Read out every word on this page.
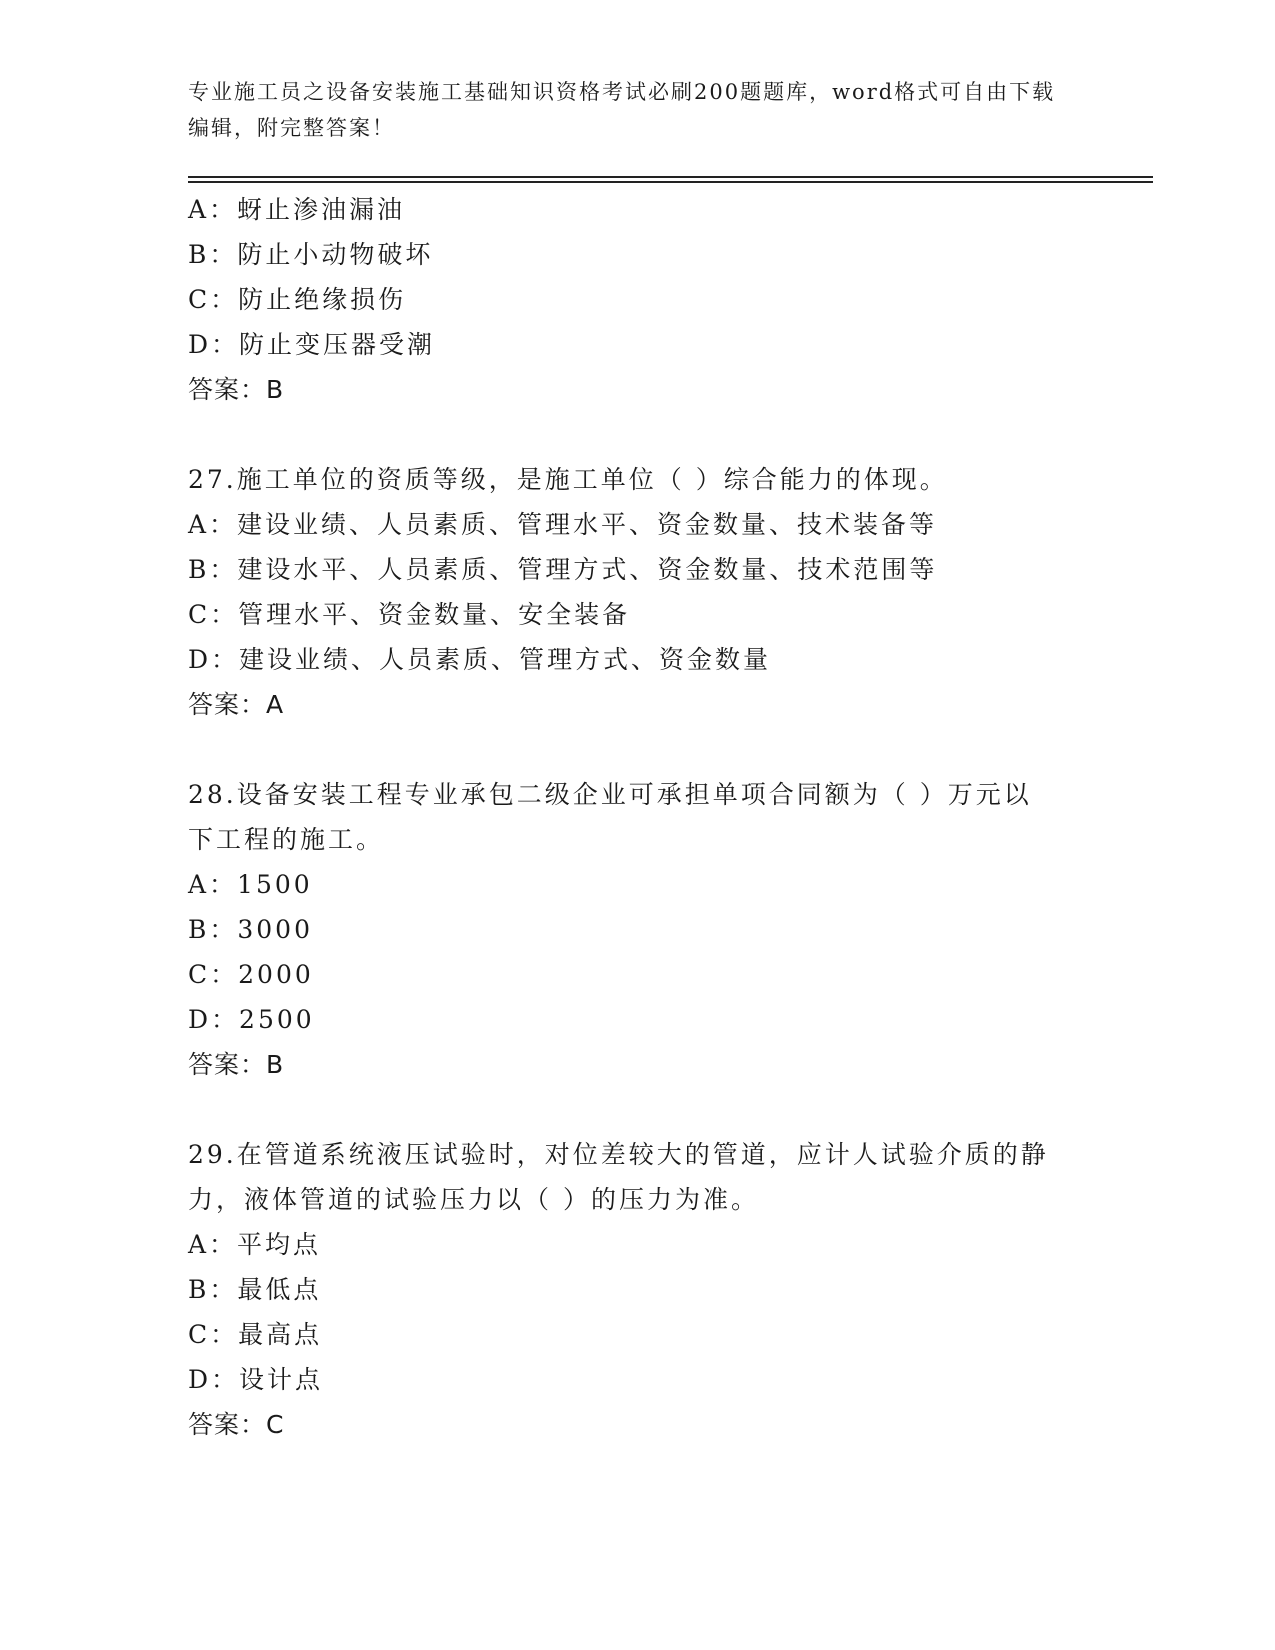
专业施工员之设备安装施工基础知识资格考试必刷200题题库，word格式可自由下载编辑，附完整答案！
A：蚜止渗油漏油
B：防止小动物破坏
C：防止绝缘损伤
D：防止变压器受潮
答案：B
27.施工单位的资质等级，是施工单位（ ）综合能力的体现。
A：建设业绩、人员素质、管理水平、资金数量、技术装备等
B：建设水平、人员素质、管理方式、资金数量、技术范围等
C：管理水平、资金数量、安全装备
D：建设业绩、人员素质、管理方式、资金数量
答案：A
28.设备安装工程专业承包二级企业可承担单项合同额为（ ）万元以
下工程的施工。
A：1500
B：3000
C：2000
D：2500
答案：B
29.在管道系统液压试验时，对位差较大的管道，应计人试验介质的静
力，液体管道的试验压力以（ ）的压力为准。
A：平均点
B：最低点
C：最高点
D：设计点
答案：C
